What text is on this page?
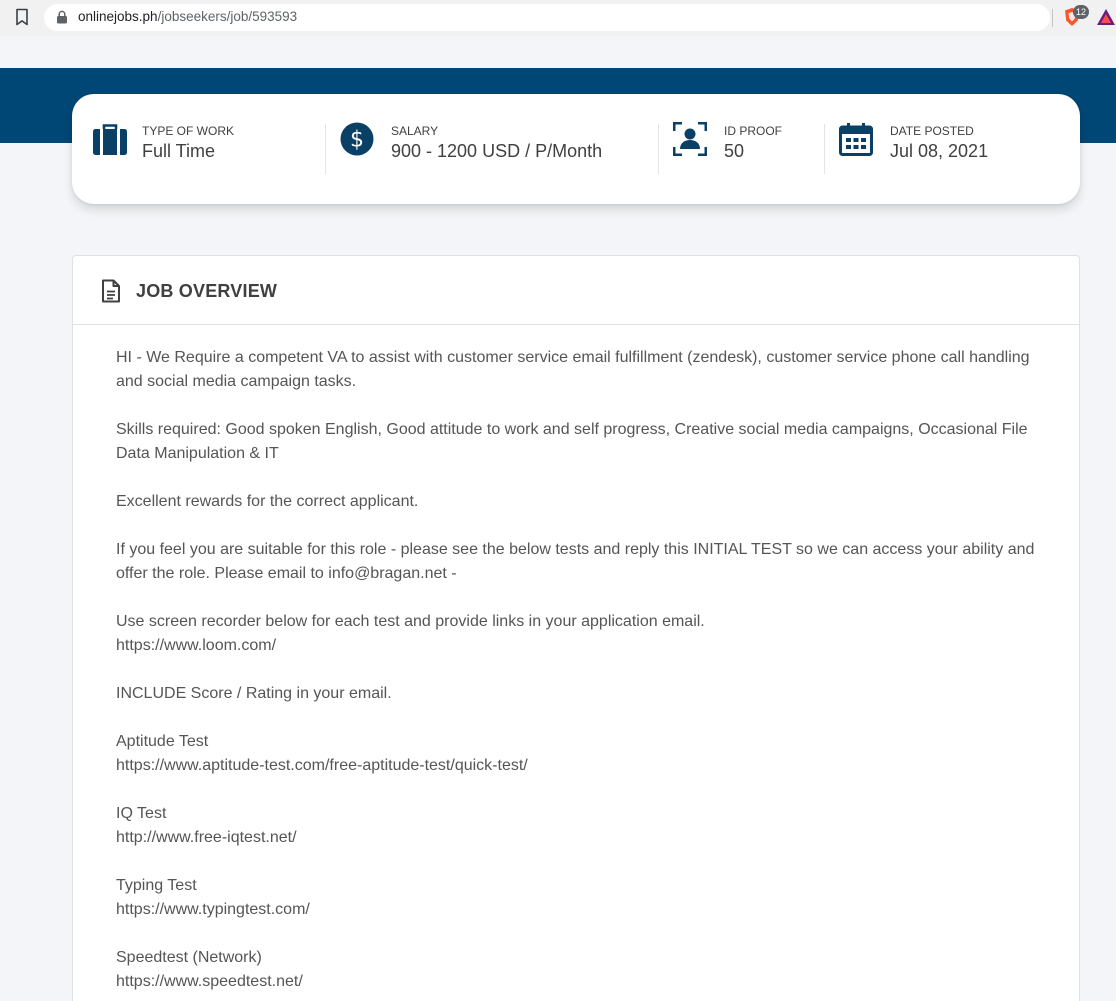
onlinejobs.ph/jobseekers/job/593593	12
TYPE OF WORK
Full Time	$ SALARY
900 - 1200 USD / P/Month
ID PROOF
50
DATE POSTED
Jul 08, 2021
JOB OVERVIEW

HI - We Require a competent VA to assist with customer service email fulfillment (zendesk), customer service phone call handling and social media campaign tasks.

Skills required: Good spoken English, Good attitude to work and self progress, Creative social media campaigns, Occasional File Data Manipulation & IT

Excellent rewards for the correct applicant.

If you feel you are suitable for this role - please see the below tests and reply this INITIAL TEST so we can access your ability and offer the role. Please email to info@bragan.net -

Use screen recorder below for each test and provide links in your application email.
https://www.loom.com/

INCLUDE Score / Rating in your email.

Aptitude Test
https://www.aptitude-test.com/free-aptitude-test/quick-test/

IQ Test
http://www.free-iqtest.net/

Typing Test
https://www.typingtest.com/

Speedtest (Network)
https://www.speedtest.net/
